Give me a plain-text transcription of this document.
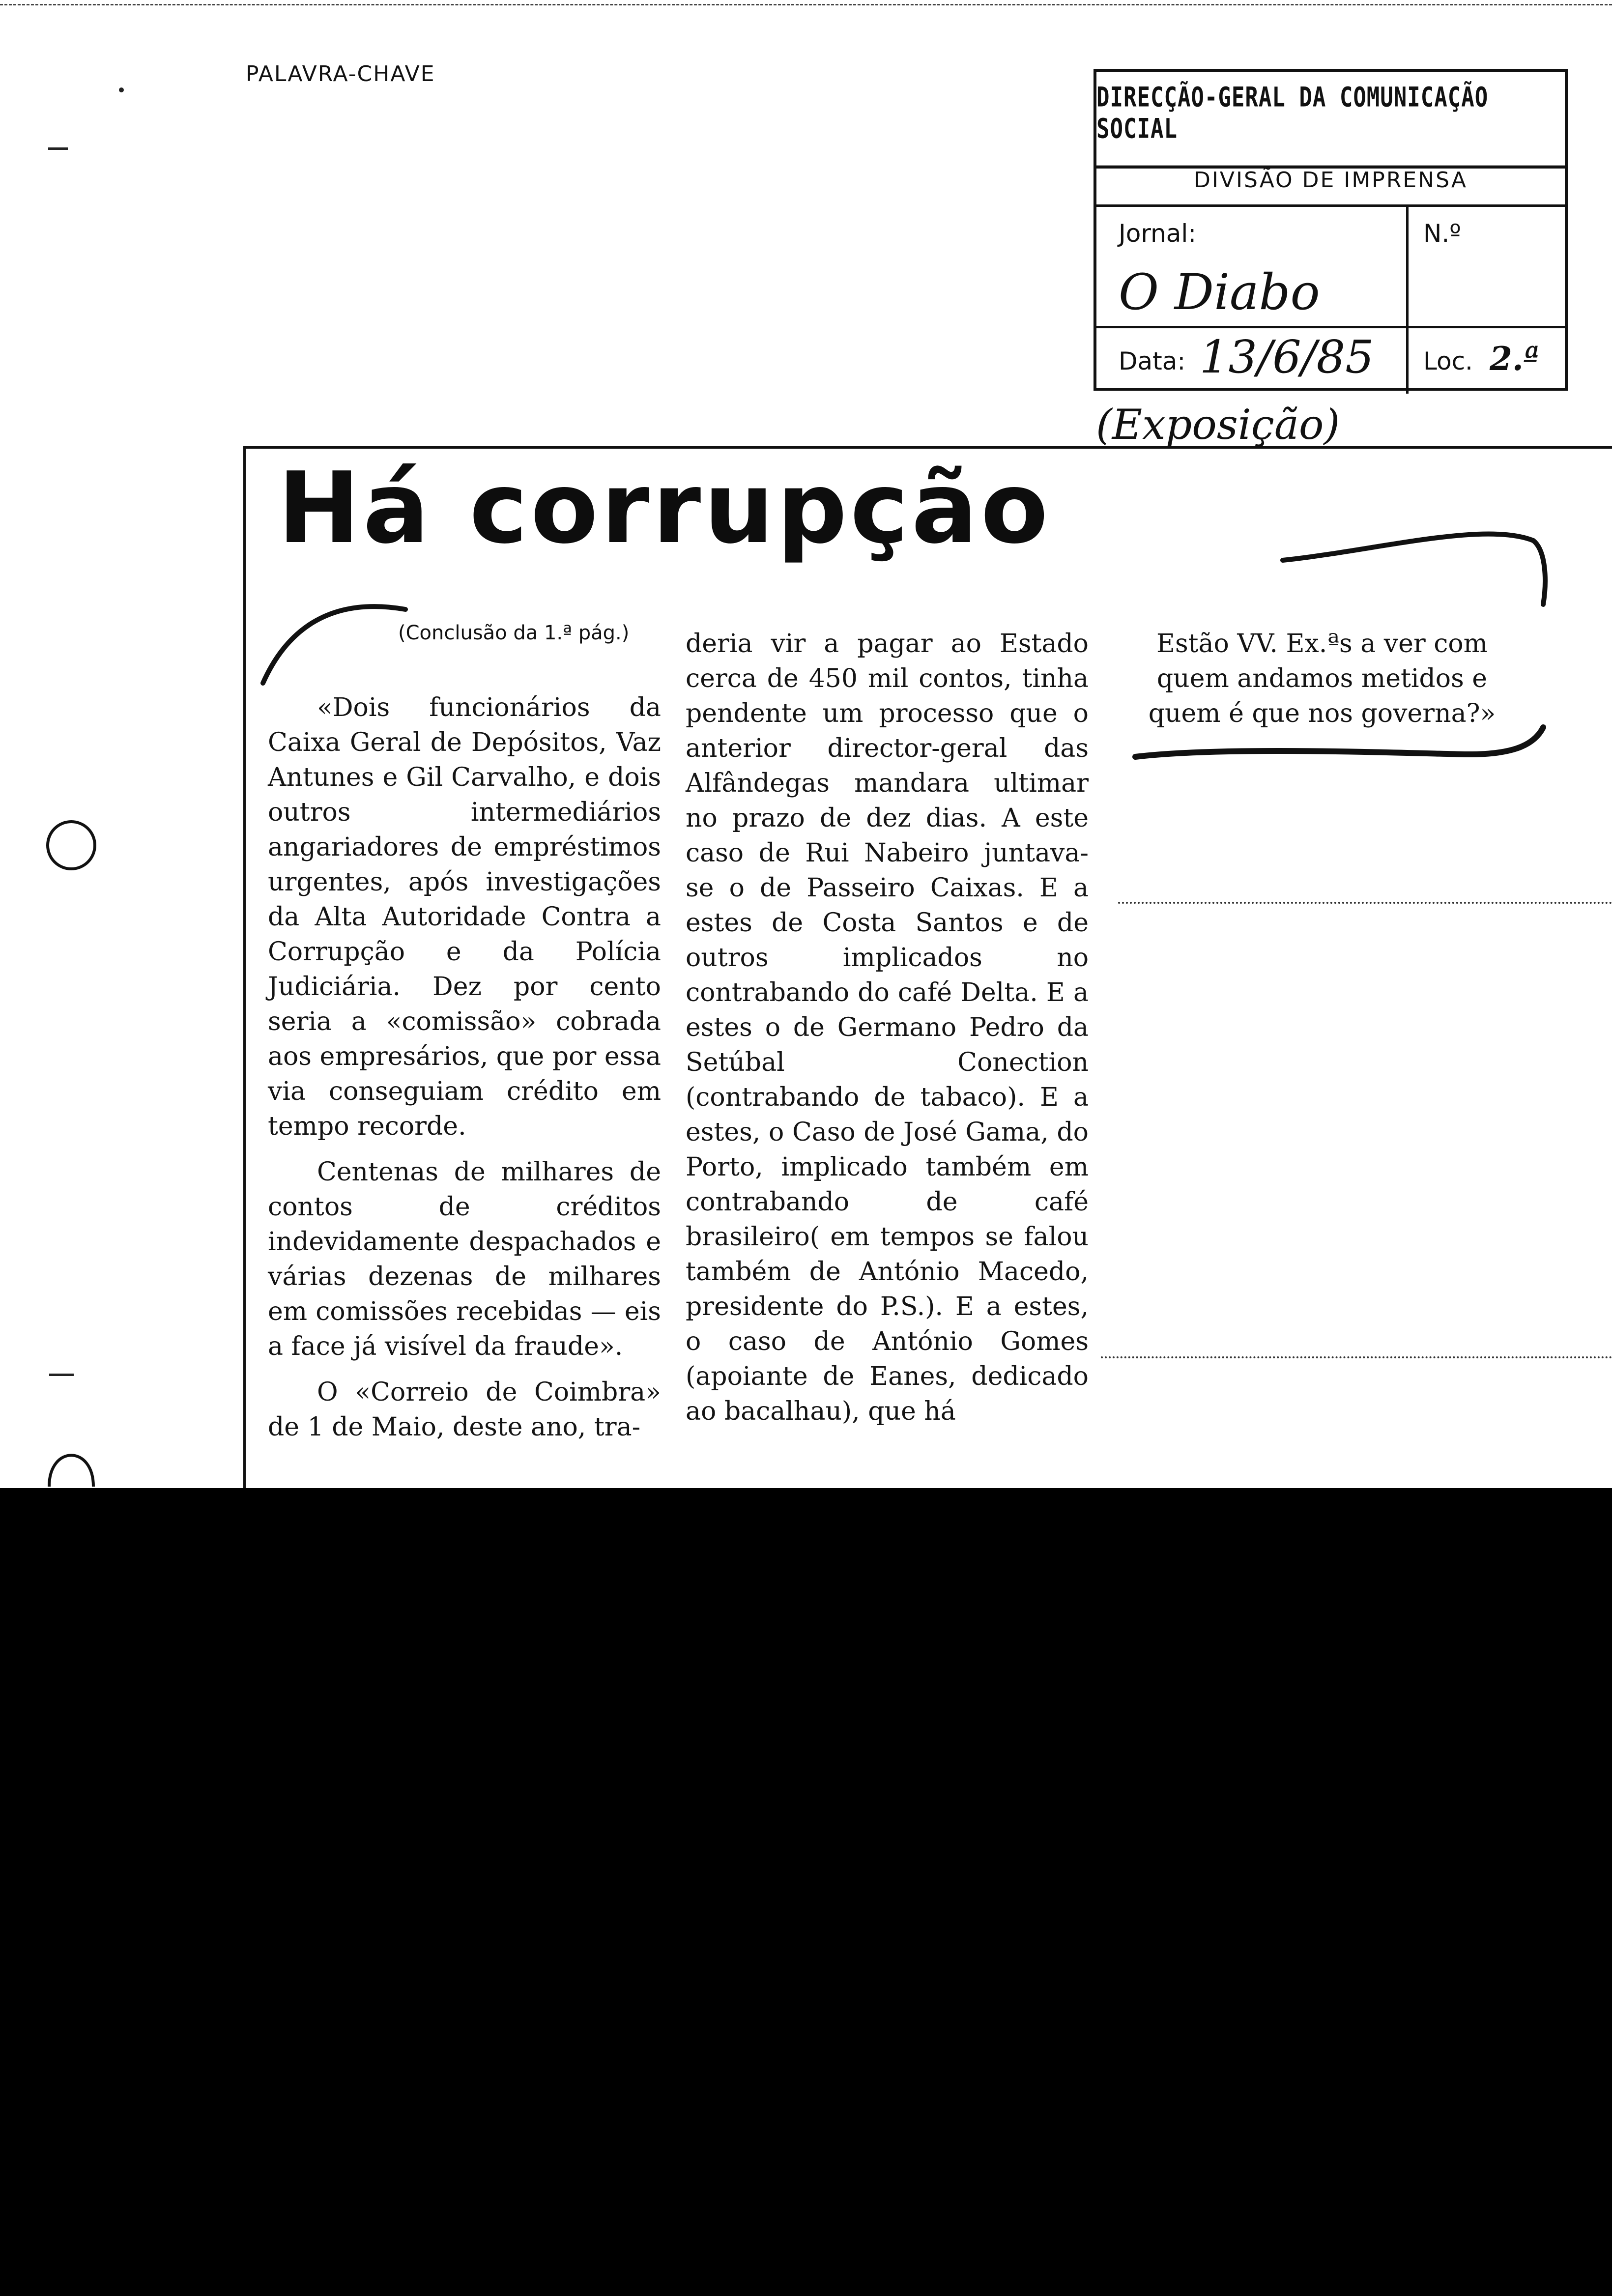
PALAVRA-CHAVE
DIRECÇÃO-GERAL DA COMUNICAÇÃO SOCIAL
DIVISÃO DE IMPRENSA
Jornal:	N.º
O Diabo
Data: 13/6/85 Loc. 2.ª
(Exposição)
Há corrupção
(Conclusão da 1.ª pág.)

«Dois funcionários da Caixa Geral de Depósitos, Vaz Antunes e Gil Carvalho, e dois outros intermediários angariadores de empréstimos urgentes, após investigações da Alta Autoridade Contra a Corrupção e da Polícia Judiciária. Dez por cento seria a «comissão» cobrada aos empresários, que por essa via conseguiam crédito em tempo recorde.

Centenas de milhares de contos de créditos indevidamente despachados e várias dezenas de milhares em comissões recebidas — eis a face já visível da fraude».

O «Correio de Coimbra» de 1 de Maio, deste ano, tra-

deria vir a pagar ao Estado cerca de 450 mil contos, tinha pendente um processo que o anterior director-geral das Alfândegas mandara ultimar no prazo de dez dias. A este caso de Rui Nabeiro juntava-se o de Passeiro Caixas. E a estes de Costa Santos e de outros implicados no contrabando do café Delta. E a estes o de Germano Pedro da Setúbal Conection (contrabando de tabaco). E a estes, o Caso de José Gama, do Porto, implicado também em contrabando de café brasileiro( em tempos se falou também de António Macedo, presidente do P.S.). E a estes, o caso de António Gomes (apoiante de Eanes, dedicado ao bacalhau), que há

Estão VV. Ex.ªs a ver com quem andamos metidos e quem é que nos governa?»
